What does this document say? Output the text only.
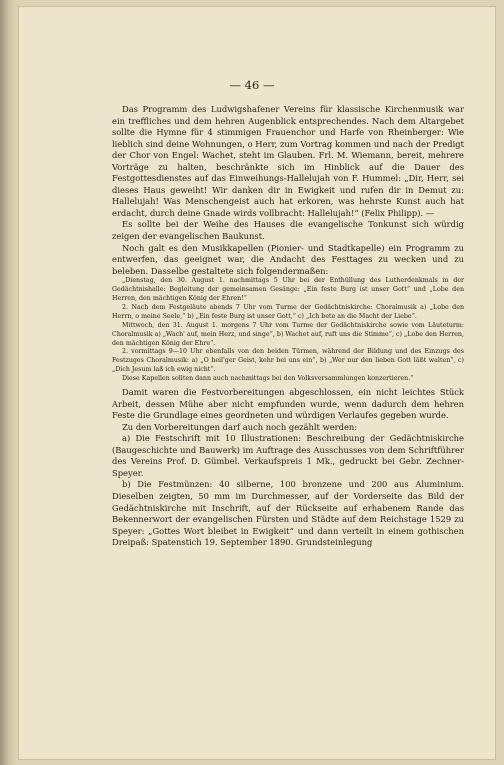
— 46 —

Das Programm des Ludwigshafener Vereins für klassische Kirchenmusik war ein treffliches und dem hehren Augenblick entsprechendes. Nach dem Altargebet sollte die Hymne für 4 stimmigen Frauenchor und Harfe von Rheinberger: Wie lieblich sind deine Wohnungen, o Herr, zum Vortrag kommen und nach der Predigt der Chor von Engel: Wachet, steht im Glauben. Frl. M. Wiemann, bereit, mehrere Vorträge zu halten, beschränkte sich im Hinblick auf die Dauer des Festgottesdienstes auf das Einweihungs-Hallelujah von F. Hummel: „Dir, Herr, sei dieses Haus geweiht! Wir danken dir in Ewigkeit und rufen dir in Demut zu: Hallelujah! Was Menschengeist auch hat erkoren, was hehrste Kunst auch hat erdacht, durch deine Gnade wirds vollbracht: Hallelujah!“ (Felix Philipp). —

Es sollte bei der Weihe des Hauses die evangelische Tonkunst sich würdig zeigen der evangelischen Baukunst.

Noch galt es den Musikkapellen (Pionier- und Stadtkapelle) ein Programm zu entwerfen, das geeignet war, die Andacht des Festtages zu wecken und zu beleben. Dasselbe gestaltete sich folgendermaßen:

„Dienstag, den 30. August 1. nachmittags 5 Uhr bei der Enthüllung des Lutherdenkmals in der Gedächtnishalle: Begleitung der gemeinsamen Gesänge: „Ein feste Burg ist unser Gott“ und „Lobe den Herren, den mächtigen König der Ehren!“

2. Nach dem Festgeläute abends 7 Uhr vom Turme der Gedächtniskirche: Choralmusik a) „Lobe den Herrn, o meine Seele,“ b) „Ein feste Burg ist unser Gott,“ c) „Ich bete an die Macht der Liebe“.

Mittwoch, den 31. August 1. morgens 7 Uhr vom Turme der Gedächtniskirche sowie vom Läuteturm: Choralmusik a) „Wach' auf, mein Herz, und singe“, b) Wachet auf, ruft uns die Stimme“, c) „Lobe den Herren, den mächtigen König der Ehre“.

2. vormittags 9—10 Uhr ebenfalls von den beiden Türmen, während der Bildung und des Einzugs des Festzuges Choralmusik: a) „O heil'ger Geist, kehr bei uns ein“, b) „Wer nur den lieben Gott läßt walten“, c) „Dich Jesum laß ich ewig nicht“.

Diese Kapellen sollten dann auch nachmittags bei den Volksversammlungen konzertieren.“

Damit waren die Festvorbereitungen abgeschlossen, ein nicht leichtes Stück Arbeit, dessen Mühe aber nicht empfunden wurde, wenn dadurch dem hehren Feste die Grundlage eines geordneten und würdigen Verlaufes gegeben wurde.

Zu den Vorbereitungen darf auch noch gezählt werden:

a) Die Festschrift mit 10 Illustrationen: Beschreibung der Gedächtniskirche (Baugeschichte und Bauwerk) im Auftrage des Ausschusses von dem Schriftführer des Vereins Prof. D. Gümbel. Verkaufspreis 1 Mk., gedruckt bei Gebr. Zechner-Speyer.

b) Die Festmünzen: 40 silberne, 100 bronzene und 200 aus Aluminium. Dieselben zeigten, 50 mm im Durchmesser, auf der Vorderseite das Bild der Gedächtniskirche mit Inschrift, auf der Rückseite auf erhabenem Rande das Bekennerwort der evangelischen Fürsten und Städte auf dem Reichstage 1529 zu Speyer: „Gottes Wort bleibet in Ewigkeit“ und dann verteilt in einem gothischen Dreipaß: Spatenstich 19. September 1890. Grundsteinlegung
